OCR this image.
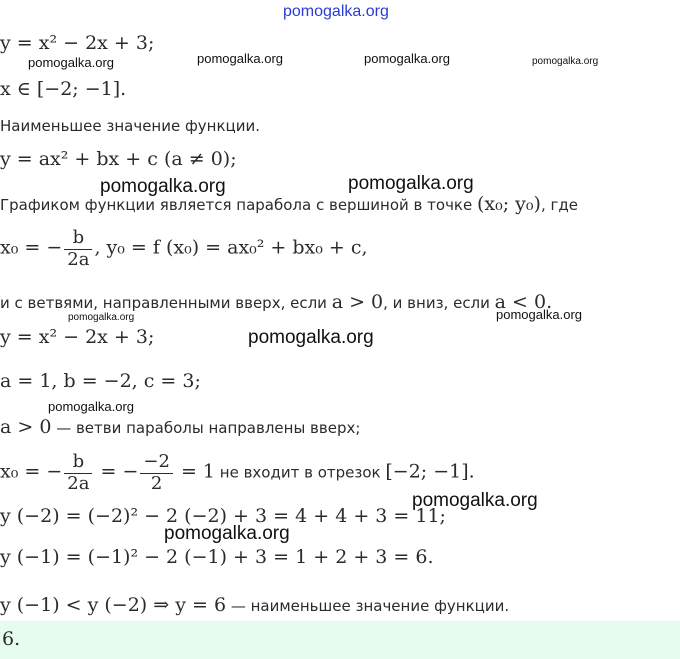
pomogalka.org
y = x² − 2x + 3;
x ∈ [−2; −1].
Наименьшее значение функции.
y = ax² + bx + c (a ≠ 0);
Графиком функции является парабола с вершиной в точке (x₀; y₀), где
x₀ = − $\frac{b}{2a}$ , y₀ = f (x₀) = ax₀² + bx₀ + c,
и с ветвями, направленными вверх, если a > 0, и вниз, если a < 0.
y = x² − 2x + 3;
a = 1, b = −2, c = 3;
a > 0 — ветви параболы направлены вверх;
x₀ = − $\frac{b}{2a}$ = − $\frac{-2}{2} = 1$ не входит в отрезок [−2; −1].
y (−2) = (−2)² − 2 (−2) + 3 = 4 + 4 + 3 = 11;
y (−1) = (−1)² − 2 (−1) + 3 = 1 + 2 + 3 = 6.
y (−1) < y (−2) ⇒ y = 6 — наименьшее значение функции.
6.
pomogalka.org	pomogalka.org	pomogalka.org	pomogalka.org
pomogalka.org	pomogalka.org
pomogalka.org	pomogalka.org
pomogalka.org
pomogalka.org
pomogalka.org
pomogalka.org
